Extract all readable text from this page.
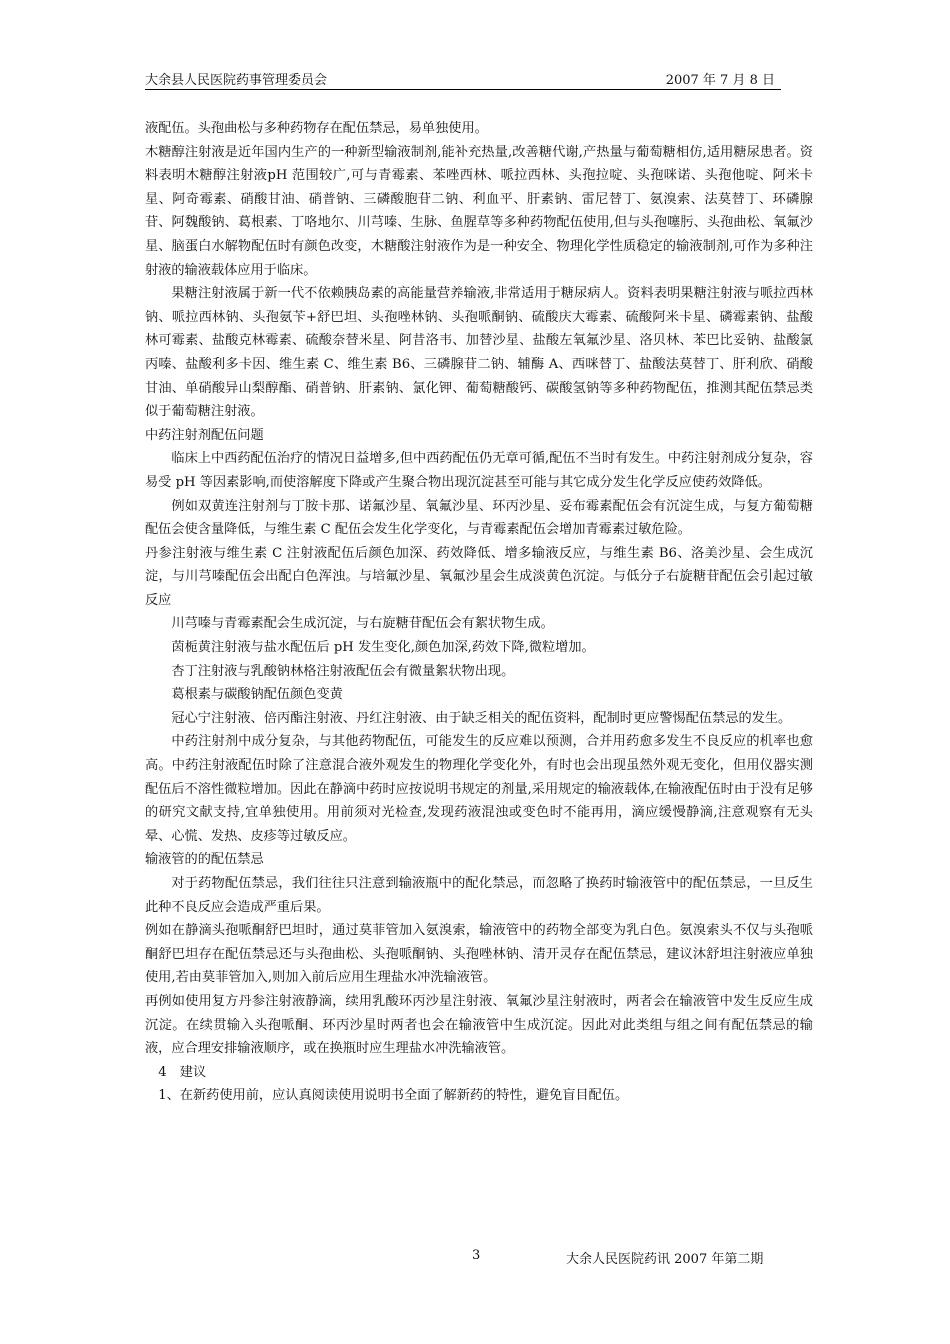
大余县人民医院药事管理委员会	2007 年 7 月 8 日

液配伍。头孢曲松与多种药物存在配伍禁忌，易单独使用。

木糖醇注射液是近年国内生产的一种新型输液制剂,能补充热量,改善糖代谢,产热量与葡萄糖相仿,适用糖尿患者。资料表明木糖醇注射液pH 范围较广,可与青霉素、苯唑西林、哌拉西林、头孢拉啶、头孢咪诺、头孢他啶、阿米卡星、阿奇霉素、硝酸甘油、硝普钠、三磷酸胞苷二钠、利血平、肝素钠、雷尼替丁、氨溴索、法莫替丁、环磷腺苷、阿魏酸钠、葛根素、丁咯地尔、川芎嗪、生脉、鱼腥草等多种药物配伍使用,但与头孢噻肟、头孢曲松、氧氟沙星、脑蛋白水解物配伍时有颜色改变，木糖酸注射液作为是一种安全、物理化学性质稳定的输液制剂,可作为多种注射液的输液载体应用于临床。

果糖注射液属于新一代不依赖胰岛素的高能量营养输液,非常适用于糖尿病人。资料表明果糖注射液与哌拉西林钠、哌拉西林钠、头孢氨苄+舒巴坦、头孢唑林钠、头孢哌酮钠、硫酸庆大霉素、硫酸阿米卡星、磷霉素钠、盐酸林可霉素、盐酸克林霉素、硫酸奈替米星、阿昔洛韦、加替沙星、盐酸左氧氟沙星、洛贝林、苯巴比妥钠、盐酸氯丙嗪、盐酸利多卡因、维生素 C、维生素 B6、三磷腺苷二钠、辅酶 A、西咪替丁、盐酸法莫替丁、肝利欣、硝酸甘油、单硝酸异山梨醇酯、硝普钠、肝素钠、氯化钾、葡萄糖酸钙、碳酸氢钠等多种药物配伍，推测其配伍禁忌类似于葡萄糖注射液。

中药注射剂配伍问题

临床上中西药配伍治疗的情况日益增多,但中西药配伍仍无章可循,配伍不当时有发生。中药注射剂成分复杂，容易受 pH 等因素影响,而使溶解度下降或产生聚合物出现沉淀甚至可能与其它成分发生化学反应使药效降低。

例如双黄连注射剂与丁胺卡那、诺氟沙星、氧氟沙星、环丙沙星、妥布霉素配伍会有沉淀生成，与复方葡萄糖配伍会使含量降低，与维生素 C 配伍会发生化学变化，与青霉素配伍会增加青霉素过敏危险。

丹参注射液与维生素 C 注射液配伍后颜色加深、药效降低、增多输液反应，与维生素 B6、洛美沙星、会生成沉淀，与川芎嗪配伍会出配白色浑浊。与培氟沙星、氧氟沙星会生成淡黄色沉淀。与低分子右旋糖苷配伍会引起过敏反应

川芎嗪与青霉素配会生成沉淀，与右旋糖苷配伍会有絮状物生成。

茵栀黄注射液与盐水配伍后 pH 发生变化,颜色加深,药效下降,微粒增加。

杏丁注射液与乳酸钠林格注射液配伍会有微量絮状物出现。

葛根素与碳酸钠配伍颜色变黄

冠心宁注射液、倍丙酯注射液、丹红注射液、由于缺乏相关的配伍资料，配制时更应警惕配伍禁忌的发生。

中药注射剂中成分复杂，与其他药物配伍，可能发生的反应难以预测，合并用药愈多发生不良反应的机率也愈高。中药注射液配伍时除了注意混合液外观发生的物理化学变化外，有时也会出现虽然外观无变化，但用仪器实测配伍后不溶性微粒增加。因此在静滴中药时应按说明书规定的剂量,采用规定的输液载体,在输液配伍时由于没有足够的研究文献支持,宜单独使用。用前须对光检查,发现药液混浊或变色时不能再用，滴应缓慢静滴,注意观察有无头晕、心慌、发热、皮疹等过敏反应。

输液管的的配伍禁忌

对于药物配伍禁忌，我们往往只注意到输液瓶中的配化禁忌，而忽略了换药时输液管中的配伍禁忌，一旦反生此种不良反应会造成严重后果。

例如在静滴头孢哌酮舒巴坦时，通过莫菲管加入氨溴索，输液管中的药物全部变为乳白色。氨溴索头不仅与头孢哌酮舒巴坦存在配伍禁忌还与头孢曲松、头孢哌酮钠、头孢唑林钠、清开灵存在配伍禁忌，建议沐舒坦注射液应单独使用,若由莫菲管加入,则加入前后应用生理盐水冲洗输液管。

再例如使用复方丹参注射液静滴，续用乳酸环丙沙星注射液、氧氟沙星注射液时，两者会在输液管中发生反应生成沉淀。在续贯输入头孢哌酮、环丙沙星时两者也会在输液管中生成沉淀。因此对此类组与组之间有配伍禁忌的输液，应合理安排输液顺序，或在换瓶时应生理盐水冲洗输液管。

4　建议

1、在新药使用前，应认真阅读使用说明书全面了解新药的特性，避免盲目配伍。

3	大余人民医院药讯 2007 年第二期
